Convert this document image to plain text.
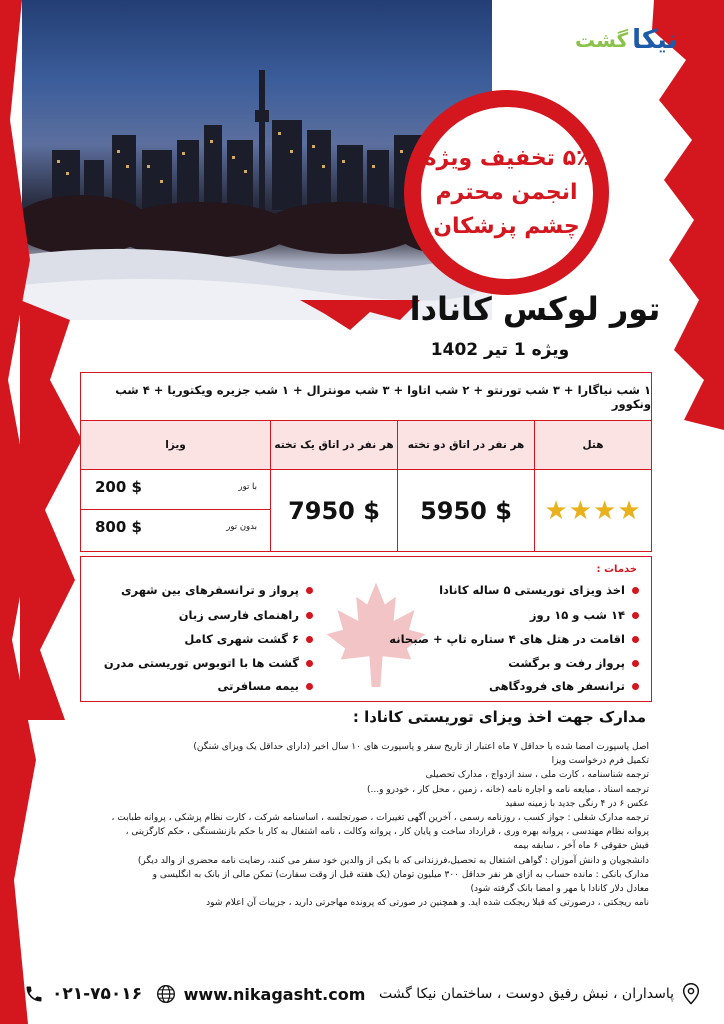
گشت نیکا
۵٪ تخفیف ویژه
انجمن محترم
چشم پزشکان
تور لوکس کانادا
ویژه 1 تیر 1402
۱ شب نیاگارا + ۳ شب تورنتو + ۲ شب اتاوا + ۳ شب مونترال + ۱ شب جزیره ویکتوریا + ۴ شب ونکوور
هتل
هر نفر در اتاق دو تخته
هر نفر در اتاق یک تخته
ویزا
★★★★
5950 $
7950 $
با تور
200 $
بدون تور
800 $
خدمات :
اخذ ویزای توریستی ۵ ساله کانادا
۱۴ شب و ۱۵ روز
اقامت در هتل های ۴ ستاره تاپ + صبحانه
پرواز رفت و برگشت
ترانسفر های فرودگاهی
پرواز و ترانسفرهای بین شهری
راهنمای فارسی زبان
۶ گشت شهری کامل
گشت ها با اتوبوس توریستی مدرن
بیمه مسافرتی
مدارک جهت اخذ ویزای توریستی کانادا :
اصل پاسپورت امضا شده با حداقل ۷ ماه اعتبار از تاریخ سفر و پاسپورت های ۱۰ سال اخیر (دارای حداقل یک ویزای شنگن)
تکمیل فرم درخواست ویزا
ترجمه شناسنامه ، کارت ملی ، سند ازدواج ، مدارک تحصیلی
ترجمه اسناد ، مبایعه نامه و اجاره نامه (خانه ، زمین ، محل کار ، خودرو و...)
عکس ۶ در ۴ رنگی جدید با زمینه سفید
ترجمه مدارک شغلی : جواز کسب ، روزنامه رسمی ، آخرین آگهی تغییرات ، صورتجلسه ، اساسنامه شرکت ، کارت نظام پزشکی ، پروانه طبابت ،
پروانه نظام مهندسی ، پروانه بهره وری ، قرارداد ساخت و پایان کار ، پروانه وکالت ، نامه اشتغال به کار با حکم بازنشستگی ، حکم کارگزینی ،
فیش حقوقی ۶ ماه آخر ، سابقه بیمه
دانشجویان و دانش آموزان : گواهی اشتغال به تحصیل،فرزندانی که با یکی از والدین خود سفر می کنند، رضایت نامه محضری از والد دیگر)
مدارک بانکی : مانده حساب به ازای هر نفر حداقل ۳۰۰ میلیون تومان (یک هفته قبل از وقت سفارت) تمکن مالی از بانک به انگلیسی و
معادل دلار کانادا با مهر و امضا بانک گرفته شود)
نامه ریجکتی ، درصورتی که قبلا ریجکت شده اید. و همچنین در صورتی که پرونده مهاجرتی دارید ، جزییات آن اعلام شود
۰۲۱-۷۵۰۱۶	www.nikagasht.com پاسداران ، نبش رفیق دوست ، ساختمان نیکا گشت
